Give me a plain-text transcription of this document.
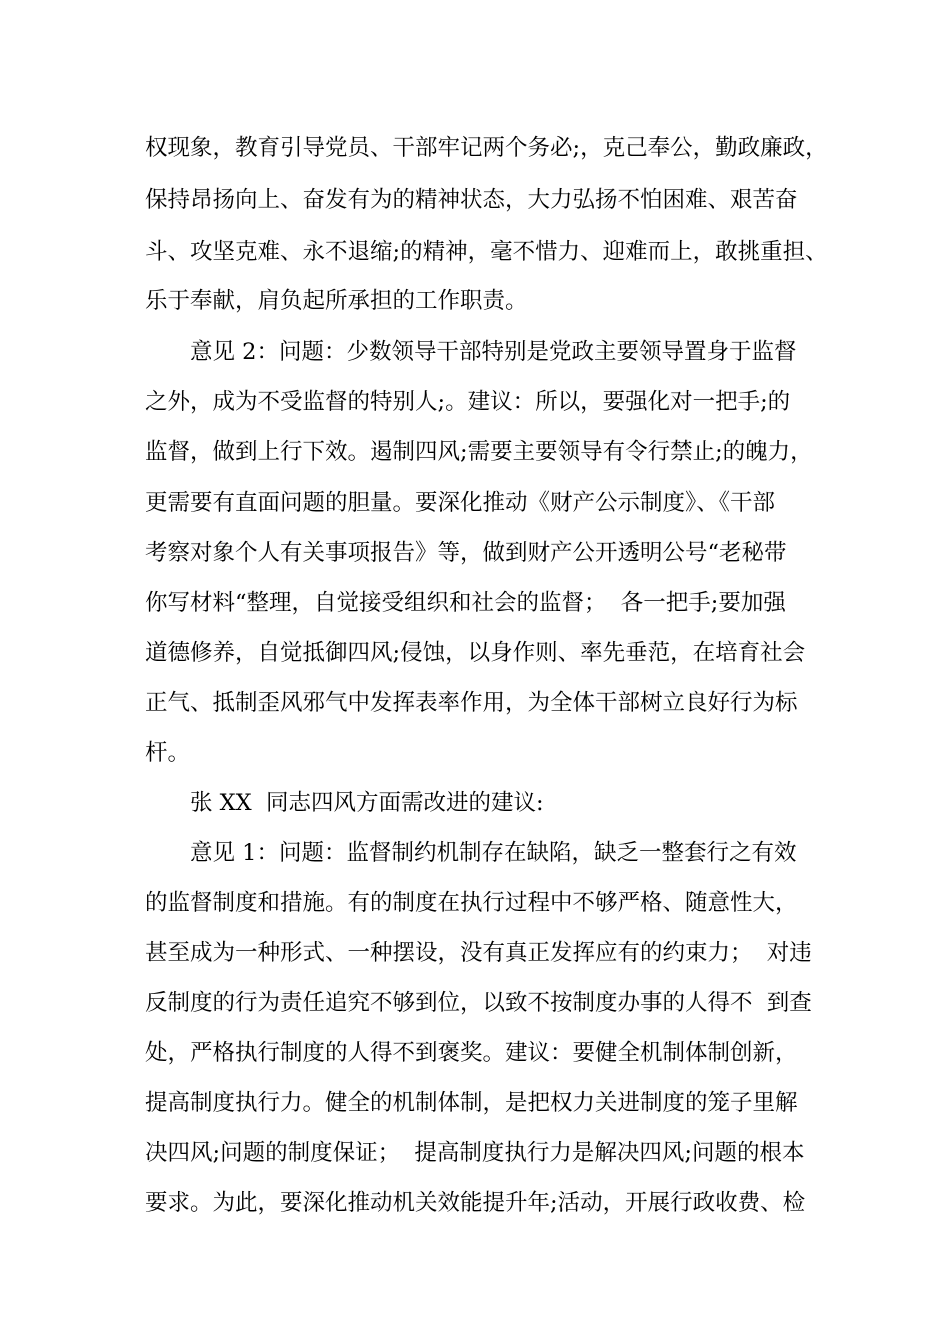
权现象，教育引导党员、干部牢记两个务必;，克己奉公，勤政廉政，
保持昂扬向上、奋发有为的精神状态，大力弘扬不怕困难、艰苦奋
斗、攻坚克难、永不退缩;的精神，毫不惜力、迎难而上，敢挑重担、
乐于奉献，肩负起所承担的工作职责。
意见 2：问题：少数领导干部特别是党政主要领导置身于监督
之外，成为不受监督的特别人;。建议：所以，要强化对一把手;的
监督，做到上行下效。遏制四风;需要主要领导有令行禁止;的魄力，
更需要有直面问题的胆量。要深化推动《财产公示制度》、《干部
考察对象个人有关事项报告》等，做到财产公开透明公号“老秘带
你写材料“整理，自觉接受组织和社会的监督；  各一把手;要加强
道德修养，自觉抵御四风;侵蚀，以身作则、率先垂范，在培育社会
正气、抵制歪风邪气中发挥表率作用，为全体干部树立良好行为标
杆。
张 XX  同志四风方面需改进的建议:
意见 1：问题：监督制约机制存在缺陷，缺乏一整套行之有效
的监督制度和措施。有的制度在执行过程中不够严格、随意性大，
甚至成为一种形式、一种摆设，没有真正发挥应有的约束力；  对违
反制度的行为责任追究不够到位，以致不按制度办事的人得不  到查
处，严格执行制度的人得不到褒奖。建议：要健全机制体制创新，
提高制度执行力。健全的机制体制，是把权力关进制度的笼子里解
决四风;问题的制度保证；  提高制度执行力是解决四风;问题的根本
要求。为此，要深化推动机关效能提升年;活动，开展行政收费、检
